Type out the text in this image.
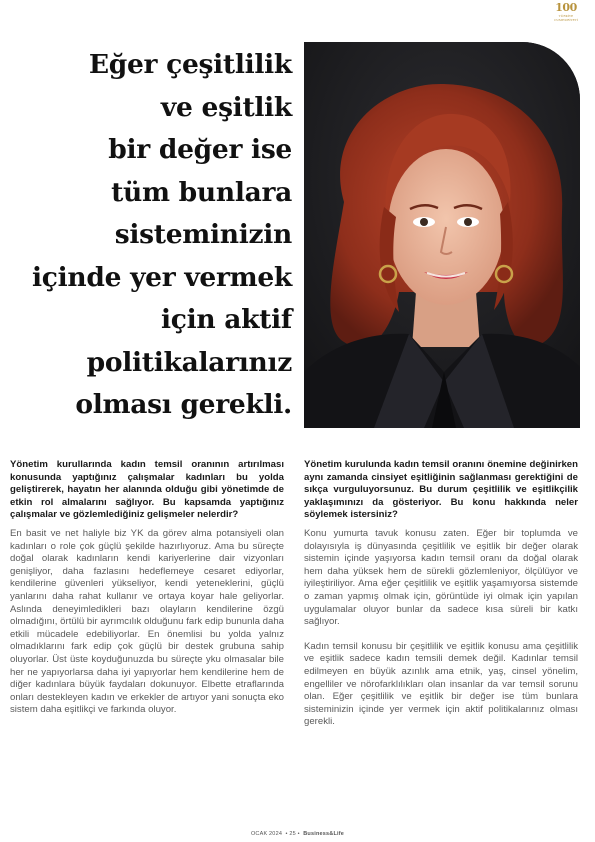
100
TÜRKİYE CUMHURİYETİ
Eğer çeşitlilik
ve eşitlik
bir değer ise
tüm bunlara
sisteminizin
içinde yer vermek
için aktif
politikalarınız
olması gerekli.

Yönetim kurullarında kadın temsil oranının artırılması konusunda yaptığınız çalışmalar kadınları bu yolda geliştirerek, hayatın her alanında olduğu gibi yönetimde de etkin rol almalarını sağlıyor. Bu kapsamda yaptığınız çalışmalar ve gözlemlediğiniz gelişmeler nelerdir?

En basit ve net haliyle biz YK da görev alma potansiyeli olan kadınları o role çok güçlü şekilde hazırlıyoruz. Ama bu süreçte doğal olarak kadınların kendi kariyerlerine dair vizyonları genişliyor, daha fazlasını hedeflemeye cesaret ediyorlar, kendilerine güvenleri yükseliyor, kendi yeteneklerini, güçlü yanlarını daha rahat kullanır ve ortaya koyar hale geliyorlar. Aslında deneyimledikleri bazı olayların kendilerine özgü olmadığını, örtülü bir ayrımcılık olduğunu fark edip bununla daha etkili mücadele edebiliyorlar. En önemlisi bu yolda yalnız olmadıklarını fark edip çok güçlü bir destek grubuna sahip oluyorlar. Üst üste koyduğunuzda bu süreçte yku olmasalar bile her ne yapıyorlarsa daha iyi yapıyorlar hem kendilerine hem de diğer kadınlara büyük faydaları dokunuyor. Elbette etraflarında onları destekleyen kadın ve erkekler de artıyor yani sonuçta eko sistem daha eşitlikçi ve farkında oluyor.

Yönetim kurulunda kadın temsil oranını önemine değinirken aynı zamanda cinsiyet eşitliğinin sağlanması gerektiğini de sıkça vurguluyorsunuz. Bu durum çeşitlilik ve eşitlikçilik yaklaşımınızı da gösteriyor. Bu konu hakkında neler söylemek istersiniz?

Konu yumurta tavuk konusu zaten. Eğer bir toplumda ve dolayısıyla iş dünyasında çeşitlilik ve eşitlik bir değer olarak sistemin içinde yaşıyorsa kadın temsil oranı da doğal olarak hem daha yüksek hem de sürekli gözlemleniyor, ölçülüyor ve iyileştiriliyor. Ama eğer çeşitlilik ve eşitlik yaşamıyorsa sistemde o zaman yapmış olmak için, görüntüde iyi olmak için yapılan uygulamalar oluyor bunlar da sadece kısa süreli bir katkı sağlıyor.

Kadın temsil konusu bir çeşitlilik ve eşitlik konusu ama çeşitlilik ve eşitlik sadece kadın temsili demek değil. Kadınlar temsil edilmeyen en büyük azınlık ama etnik, yaş, cinsel yönelim, engelliler ve nörofarklılıkları olan insanlar da var temsil sorunu olan. Eğer çeşitlilik ve eşitlik bir değer ise tüm bunlara sisteminizin içinde yer vermek için aktif politikalarınız olması gerekli.

OCAK 2024  • 25 •  Business&Life
